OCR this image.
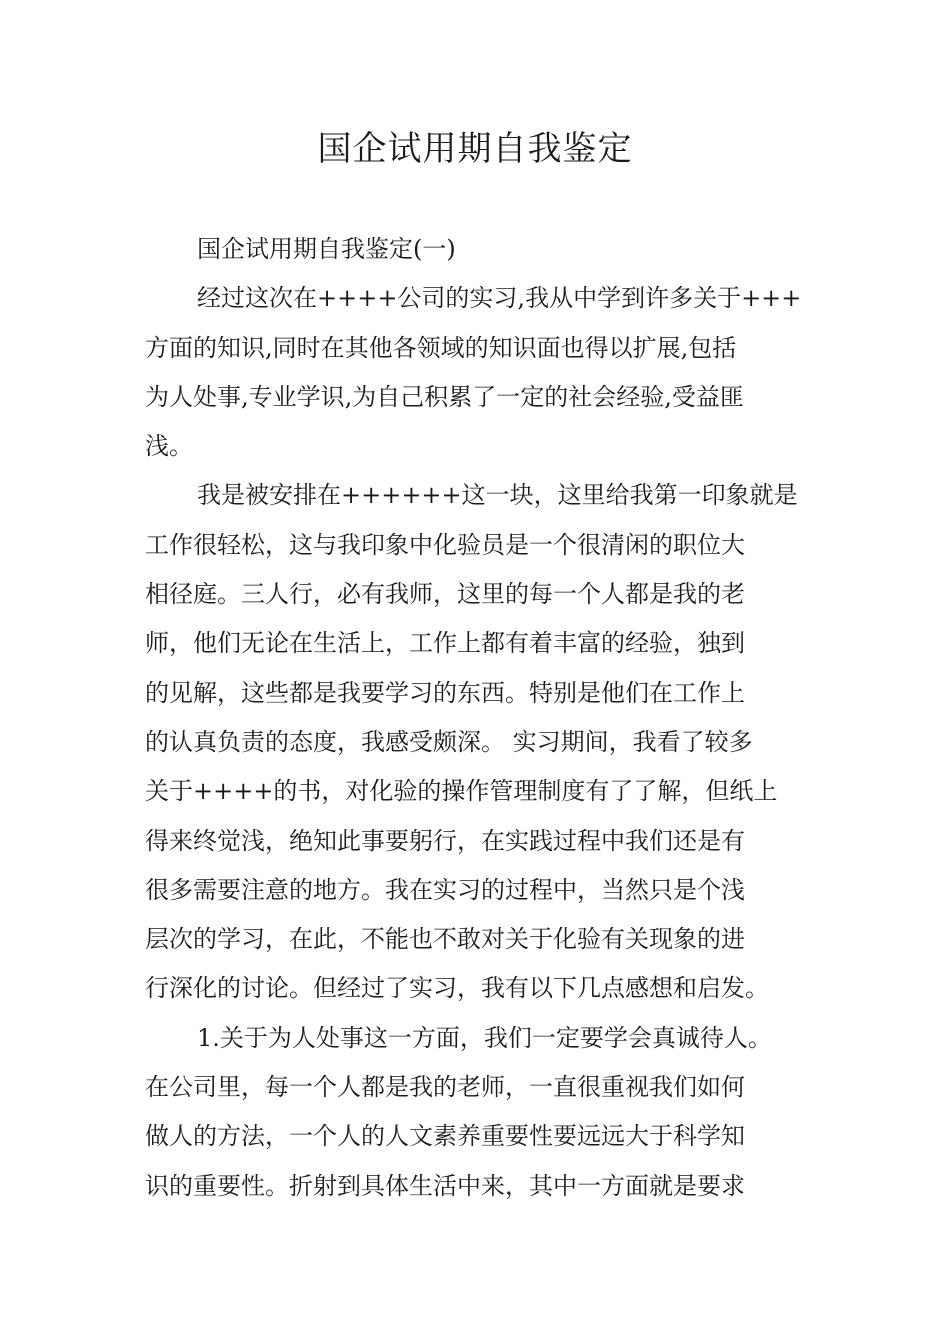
国企试用期自我鉴定
国企试用期自我鉴定(一)
经过这次在++++公司的实习,我从中学到许多关于+++
方面的知识,同时在其他各领域的知识面也得以扩展,包括
为人处事,专业学识,为自己积累了一定的社会经验,受益匪
浅。
我是被安排在++++++这一块，这里给我第一印象就是
工作很轻松，这与我印象中化验员是一个很清闲的职位大
相径庭。三人行，必有我师，这里的每一个人都是我的老
师，他们无论在生活上，工作上都有着丰富的经验，独到
的见解，这些都是我要学习的东西。特别是他们在工作上
的认真负责的态度，我感受颇深。 实习期间，我看了较多
关于++++的书，对化验的操作管理制度有了了解，但纸上
得来终觉浅，绝知此事要躬行，在实践过程中我们还是有
很多需要注意的地方。我在实习的过程中，当然只是个浅
层次的学习，在此，不能也不敢对关于化验有关现象的进
行深化的讨论。但经过了实习，我有以下几点感想和启发。
1.关于为人处事这一方面，我们一定要学会真诚待人。
在公司里，每一个人都是我的老师，一直很重视我们如何
做人的方法，一个人的人文素养重要性要远远大于科学知
识的重要性。折射到具体生活中来，其中一方面就是要求
